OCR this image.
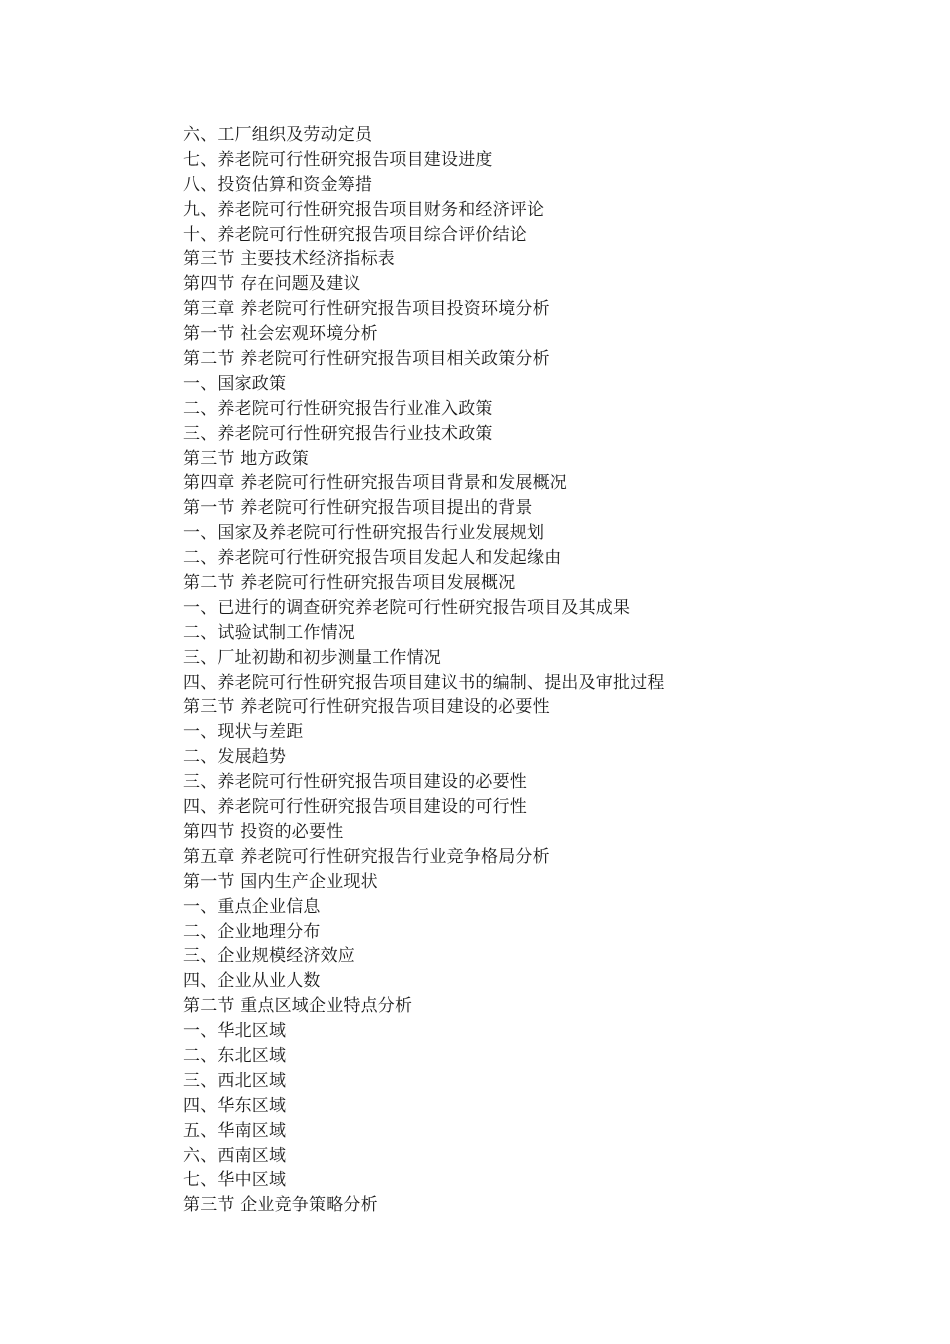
六、工厂组织及劳动定员
七、养老院可行性研究报告项目建设进度
八、投资估算和资金筹措
九、养老院可行性研究报告项目财务和经济评论
十、养老院可行性研究报告项目综合评价结论
第三节 主要技术经济指标表
第四节 存在问题及建议
第三章 养老院可行性研究报告项目投资环境分析
第一节 社会宏观环境分析
第二节 养老院可行性研究报告项目相关政策分析
一、国家政策
二、养老院可行性研究报告行业准入政策
三、养老院可行性研究报告行业技术政策
第三节 地方政策
第四章 养老院可行性研究报告项目背景和发展概况
第一节 养老院可行性研究报告项目提出的背景
一、国家及养老院可行性研究报告行业发展规划
二、养老院可行性研究报告项目发起人和发起缘由
第二节 养老院可行性研究报告项目发展概况
一、已进行的调查研究养老院可行性研究报告项目及其成果
二、试验试制工作情况
三、厂址初勘和初步测量工作情况
四、养老院可行性研究报告项目建议书的编制、提出及审批过程
第三节 养老院可行性研究报告项目建设的必要性
一、现状与差距
二、发展趋势
三、养老院可行性研究报告项目建设的必要性
四、养老院可行性研究报告项目建设的可行性
第四节 投资的必要性
第五章 养老院可行性研究报告行业竞争格局分析
第一节 国内生产企业现状
一、重点企业信息
二、企业地理分布
三、企业规模经济效应
四、企业从业人数
第二节 重点区域企业特点分析
一、华北区域
二、东北区域
三、西北区域
四、华东区域
五、华南区域
六、西南区域
七、华中区域
第三节 企业竞争策略分析
